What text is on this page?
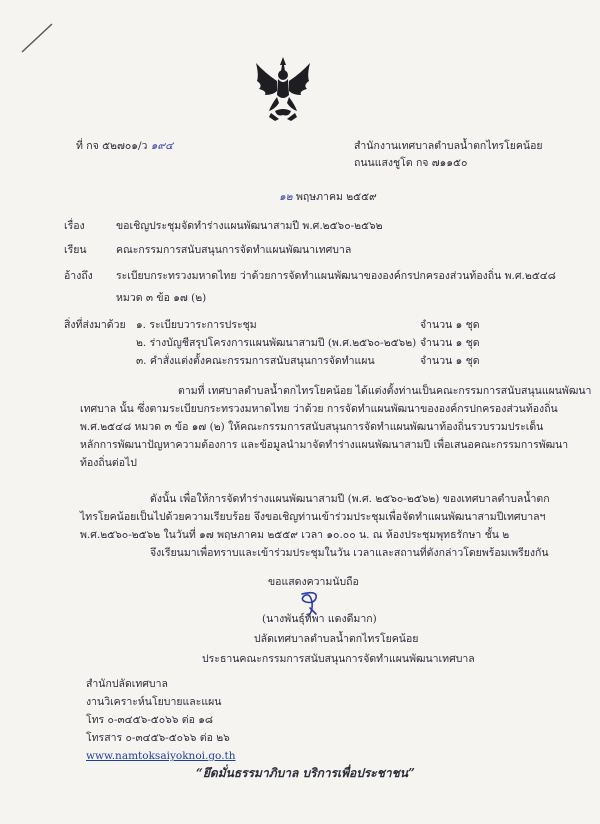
ที่ กจ ๕๒๗๐๑/ว ๑๙๔	สำนักงานเทศบาลตำบลน้ำตกไทรโยคน้อย
ถนนแสงชูโต กจ ๗๑๑๕๐
๑๒ พฤษภาคม ๒๕๕๙
เรื่อง	ขอเชิญประชุมจัดทำร่างแผนพัฒนาสามปี พ.ศ.๒๕๖๐-๒๕๖๒
เรียน	คณะกรรมการสนับสนุนการจัดทำแผนพัฒนาเทศบาล
อ้างถึง ระเบียบกระทรวงมหาดไทย ว่าด้วยการจัดทำแผนพัฒนาขององค์กรปกครองส่วนท้องถิ่น พ.ศ.๒๕๔๘
หมวด ๓ ข้อ ๑๗ (๒)
สิ่งที่ส่งมาด้วย ๑. ระเบียบวาระการประชุม	จำนวน ๑ ชุด
๒. ร่างบัญชีสรุปโครงการแผนพัฒนาสามปี (พ.ศ.๒๕๖๐-๒๕๖๒) จำนวน ๑ ชุด
๓. คำสั่งแต่งตั้งคณะกรรมการสนับสนุนการจัดทำแผน	จำนวน ๑ ชุด
ตามที่ เทศบาลตำบลน้ำตกไทรโยคน้อย ได้แต่งตั้งท่านเป็นคณะกรรมการสนับสนุนแผนพัฒนา
เทศบาล นั้น ซึ่งตามระเบียบกระทรวงมหาดไทย ว่าด้วย การจัดทำแผนพัฒนาขององค์กรปกครองส่วนท้องถิ่น
พ.ศ.๒๕๔๘ หมวด ๓ ข้อ ๑๗ (๒) ให้คณะกรรมการสนับสนุนการจัดทำแผนพัฒนาท้องถิ่นรวบรวมประเด็น
หลักการพัฒนาปัญหาความต้องการ และข้อมูลนำมาจัดทำร่างแผนพัฒนาสามปี เพื่อเสนอคณะกรรมการพัฒนา
ท้องถิ่นต่อไป
ดังนั้น เพื่อให้การจัดทำร่างแผนพัฒนาสามปี (พ.ศ. ๒๕๖๐-๒๕๖๒) ของเทศบาลตำบลน้ำตก
ไทรโยคน้อยเป็นไปด้วยความเรียบร้อย จึงขอเชิญท่านเข้าร่วมประชุมเพื่อจัดทำแผนพัฒนาสามปีเทศบาลฯ
พ.ศ.๒๕๖๐-๒๕๖๒ ในวันที่ ๑๗ พฤษภาคม ๒๕๕๙ เวลา ๑๐.๐๐ น. ณ ห้องประชุมพุทธรักษา ชั้น ๒
จึงเรียนมาเพื่อทราบและเข้าร่วมประชุมในวัน เวลาและสถานที่ดังกล่าวโดยพร้อมเพรียงกัน
ขอแสดงความนับถือ
(นางพันธุ์ทิพา แดงดีมาก)
ปลัดเทศบาลตำบลน้ำตกไทรโยคน้อย
ประธานคณะกรรมการสนับสนุนการจัดทำแผนพัฒนาเทศบาล
สำนักปลัดเทศบาล
งานวิเคราะห์นโยบายและแผน
โทร ๐-๓๔๕๖-๕๐๖๖ ต่อ ๑๘
โทรสาร ๐-๓๔๕๖-๕๐๖๖ ต่อ ๒๖
www.namtoksaiyoknoi.go.th
“ยึดมั่นธรรมาภิบาล บริการเพื่อประชาชน”
